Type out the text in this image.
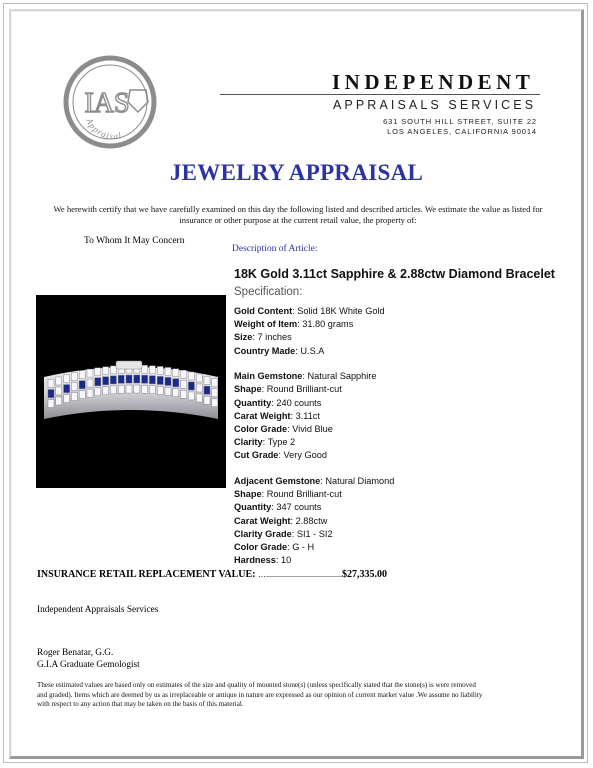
IAS
Appraisal
INDEPENDENT
APPRAISALS SERVICES
631 SOUTH HILL STREET, SUITE 22
LOS ANGELES, CALIFORNIA 90014
JEWELRY APPRAISAL
We herewith certify that we have carefully examined on this day the following listed and described articles. We estimate the value as listed for insurance or other purpose at the current retail value, the property of:
To Whom It May Concern
Description of Article:
18K Gold 3.11ct Sapphire & 2.88ctw Diamond Bracelet
Specification:
Gold Content: Solid 18K White Gold
Weight of Item: 31.80 grams
Size: 7 inches
Country Made: U.S.A
Main Gemstone: Natural Sapphire
Shape: Round Brilliant-cut
Quantity: 240 counts
Carat Weight: 3.11ct
Color Grade: Vivid Blue
Clarity: Type 2
Cut Grade: Very Good
Adjacent Gemstone: Natural Diamond
Shape: Round Brilliant-cut
Quantity: 347 counts
Carat Weight: 2.88ctw
Clarity Grade: SI1 - SI2
Color Grade: G - H
Hardness: 10
INSURANCE RETAIL REPLACEMENT VALUE: …......................................$27,335.00
Independent Appraisals Services
Roger Benatar, G.G.
G.I.A Graduate Gemologist
These estimated values are based only on estimates of the size and quality of mounted stone(s) (unless specifically stated that the stone(s) is were removed and graded). Items which are deemed by us as irreplaceable or antique in nature are expressed as our opinion of current market value .We assume no liability with respect to any action that may be taken on the basis of this material.
